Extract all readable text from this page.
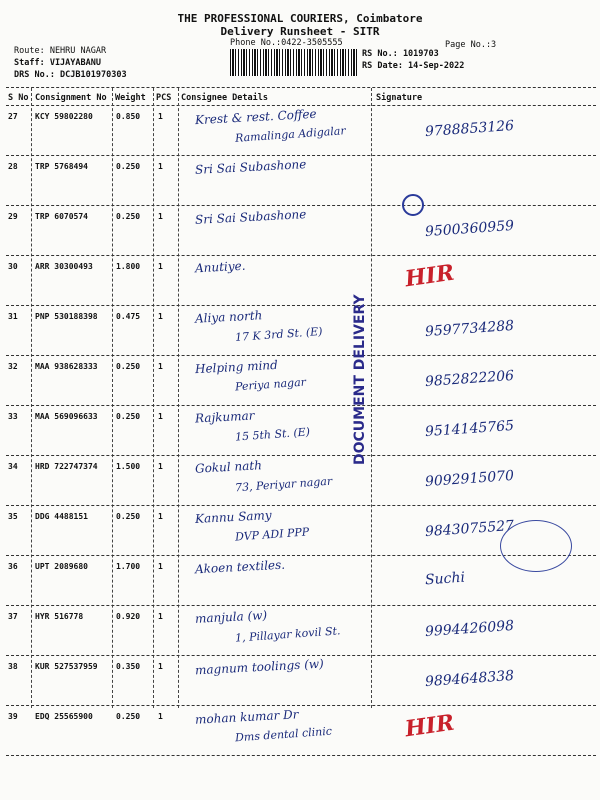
THE PROFESSIONAL COURIERS, Coimbatore
Delivery Runsheet - SITR
Phone No.:0422-3505555	Page No.:3
Route: NEHRU NAGAR
Staff: VIJAYABANU
DRS No.: DCJB101970303
RS No.: 1019703
RS Date: 14-Sep-2022
S No Consignment No Weight PCS Consignee Details	Signature
27 KCY 59802280	0.850 1	Krest & rest. Coffee
Ramalinga Adigalar	9788853126
28 TRP 5768494	0.250 1	Sri Sai Subashone
29 TRP 6070574	0.250 1	Sri Sai Subashone
9500360959
30 ARR 30300493	1.800 1	Anutiye.	HIR
31 PNP 530188398 0.475 1	Aliya north
17 K 3rd St. (E)	9597734288
32 MAA 938628333 0.250 1	Helping mind
Periya nagar	9852822206
33 MAA 569096633 0.250 1	Rajkumar
15 5th St. (E)	9514145765
34 HRD 722747374 1.500 1	Gokul nath
73, Periyar nagar	9092915070
35 DDG 4488151	0.250 1	Kannu Samy
DVP ADI PPP	9843075527
36 UPT 2089680	1.700 1	Akoen textiles.
Suchi
37 HYR 516778	0.920 1	manjula (w)
1, Pillayar kovil St.	9994426098
38 KUR 527537959 0.350 1	magnum toolings (w)
9894648338
39 EDQ 25565900	0.250 1	mohan kumar Dr
Dms dental clinic	HIR
DOCUMENT DELIVERY
